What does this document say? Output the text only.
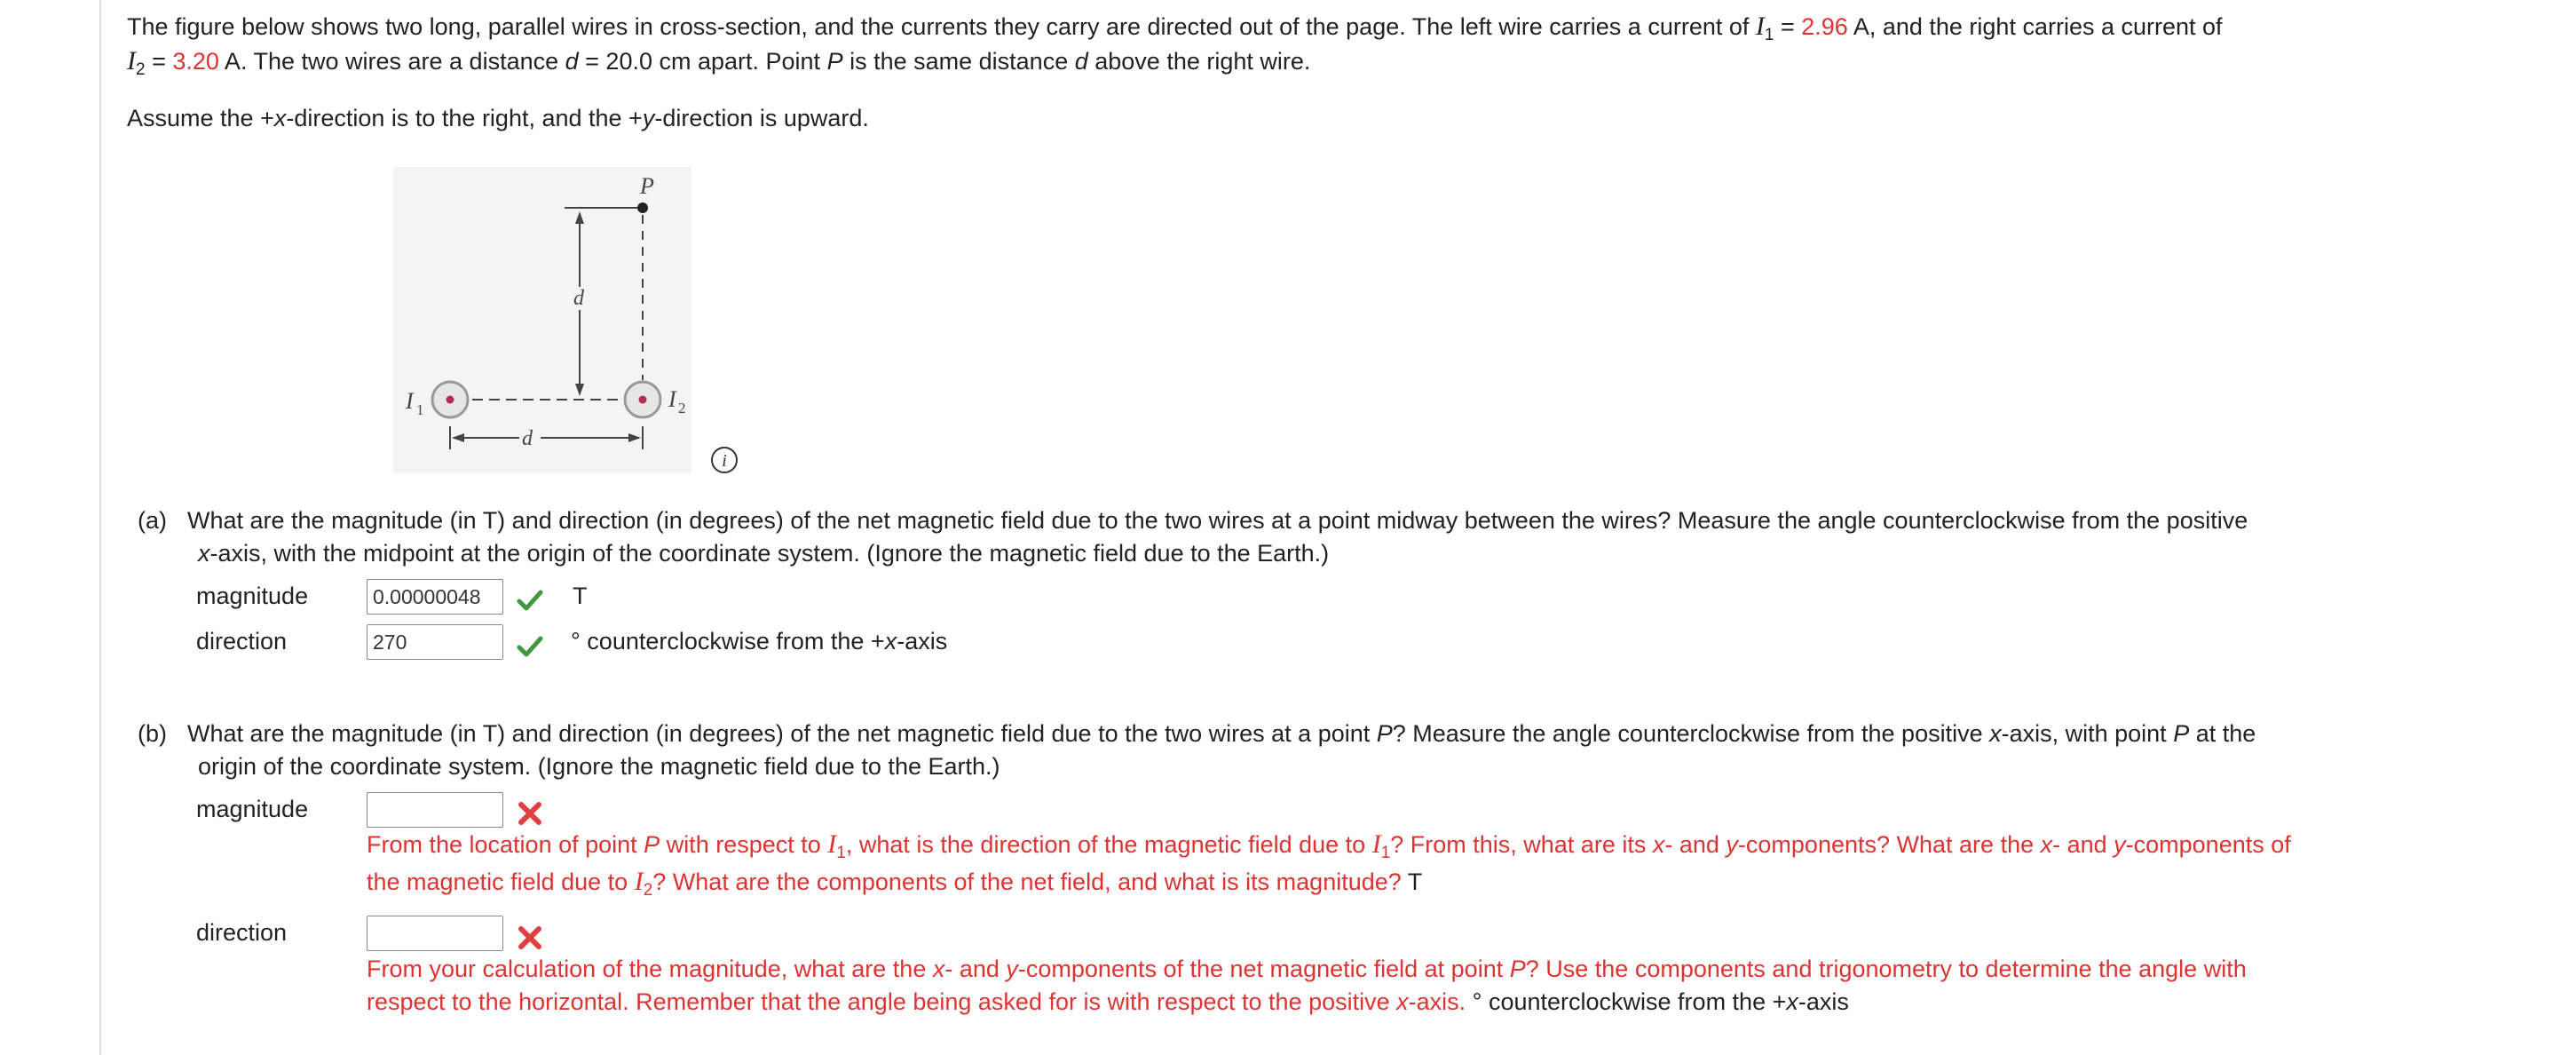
The figure below shows two long, parallel wires in cross-section, and the currents they carry are directed out of the page. The left wire carries a current of $I_1 = 2.96$ A, and the right carries a current of
$I_2 = 3.20$ A. The two wires are a distance d = 20.0 cm apart. Point P is the same distance d above the right wire.
Assume the +x-direction is to the right, and the +y-direction is upward.
P
d
I 1	I 2
d
i
(a) What are the magnitude (in T) and direction (in degrees) of the net magnetic field due to the two wires at a point midway between the wires? Measure the angle counterclockwise from the positive
x-axis, with the midpoint at the origin of the coordinate system. (Ignore the magnetic field due to the Earth.)
magnitude	0.00000048	T
direction	270	° counterclockwise from the +x-axis
(b) What are the magnitude (in T) and direction (in degrees) of the net magnetic field due to the two wires at a point P? Measure the angle counterclockwise from the positive x-axis, with point P at the
origin of the coordinate system. (Ignore the magnetic field due to the Earth.)
magnitude
From the location of point P with respect to $I_1$, what is the direction of the magnetic field due to $I_1$? From this, what are its x- and y-components? What are the x- and y-components of
the magnetic field due to $I_2$? What are the components of the net field, and what is its magnitude? T
direction
From your calculation of the magnitude, what are the x- and y-components of the net magnetic field at point P? Use the components and trigonometry to determine the angle with
respect to the horizontal. Remember that the angle being asked for is with respect to the positive x-axis. ° counterclockwise from the +x-axis
